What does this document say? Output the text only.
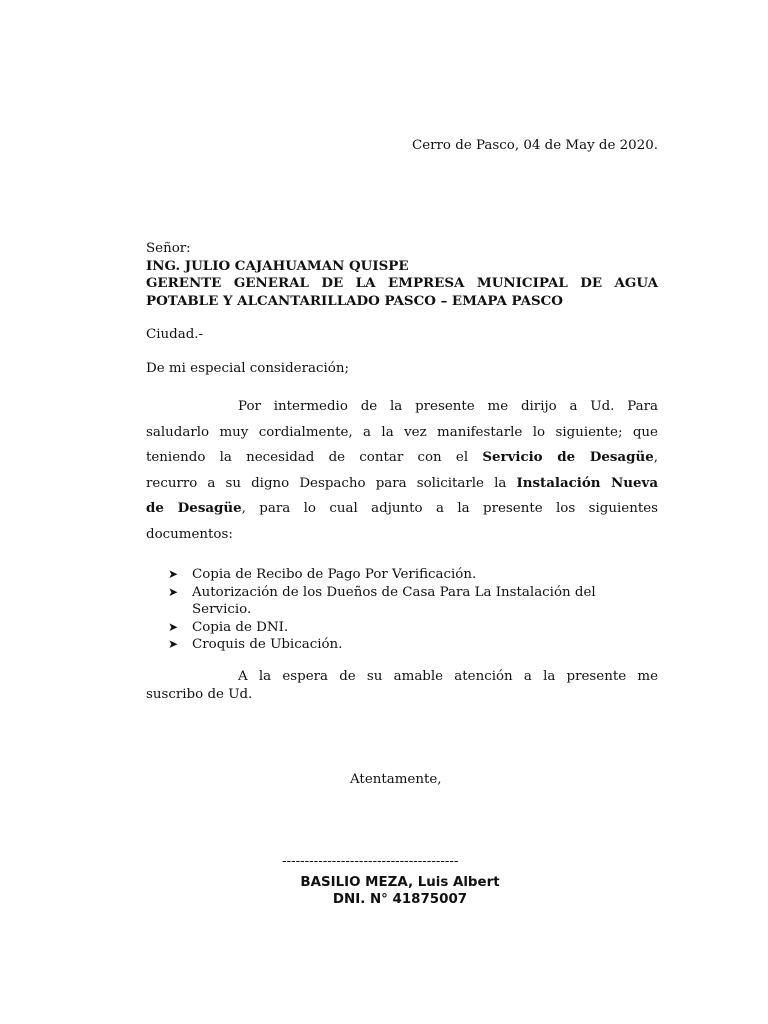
Cerro de Pasco, 04 de May de 2020.
Señor:
ING. JULIO CAJAHUAMAN QUISPE
GERENTE GENERAL DE LA EMPRESA MUNICIPAL DE AGUA
POTABLE Y ALCANTARILLADO PASCO – EMAPA PASCO
Ciudad.-
De mi especial consideración;
Por intermedio de la presente me dirijo a Ud. Para
saludarlo muy cordialmente, a la vez manifestarle lo siguiente; que
teniendo la necesidad de contar con el Servicio de Desagüe,
recurro a su digno Despacho para solicitarle la Instalación Nueva
de Desagüe, para lo cual adjunto a la presente los siguientes
documentos:
➤ Copia de Recibo de Pago Por Verificación.
➤ Autorización de los Dueños de Casa Para La Instalación del
Servicio.
➤ Copia de DNI.
➤ Croquis de Ubicación.
A la espera de su amable atención a la presente me
suscribo de Ud.
Atentamente,
---------------------------------------
BASILIO MEZA, Luis Albert
DNI. N° 41875007
